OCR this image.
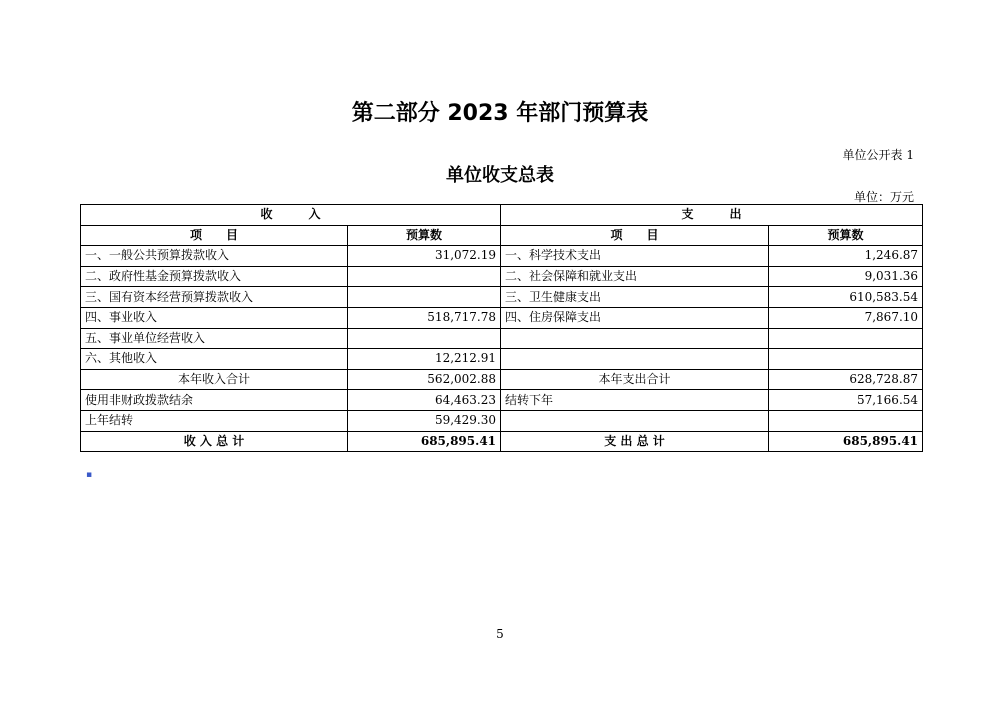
第二部分 2023 年部门预算表
单位公开表 1
单位收支总表
单位：万元
收　　　入		支　　　出	
项　　目	预算数	项　　目	预算数
一、一般公共预算拨款收入	31,072.19	一、科学技术支出	1,246.87
二、政府性基金预算拨款收入		二、社会保障和就业支出	9,031.36
三、国有资本经营预算拨款收入		三、卫生健康支出	610,583.54
四、事业收入	518,717.78	四、住房保障支出	7,867.10
五、事业单位经营收入			
六、其他收入	12,212.91		
本年收入合计	562,002.88	本年支出合计	628,728.87
使用非财政拨款结余	64,463.23	结转下年	57,166.54
上年结转	59,429.30		
收 入 总 计	685,895.41	支 出 总 计	685,895.41
▪
5
